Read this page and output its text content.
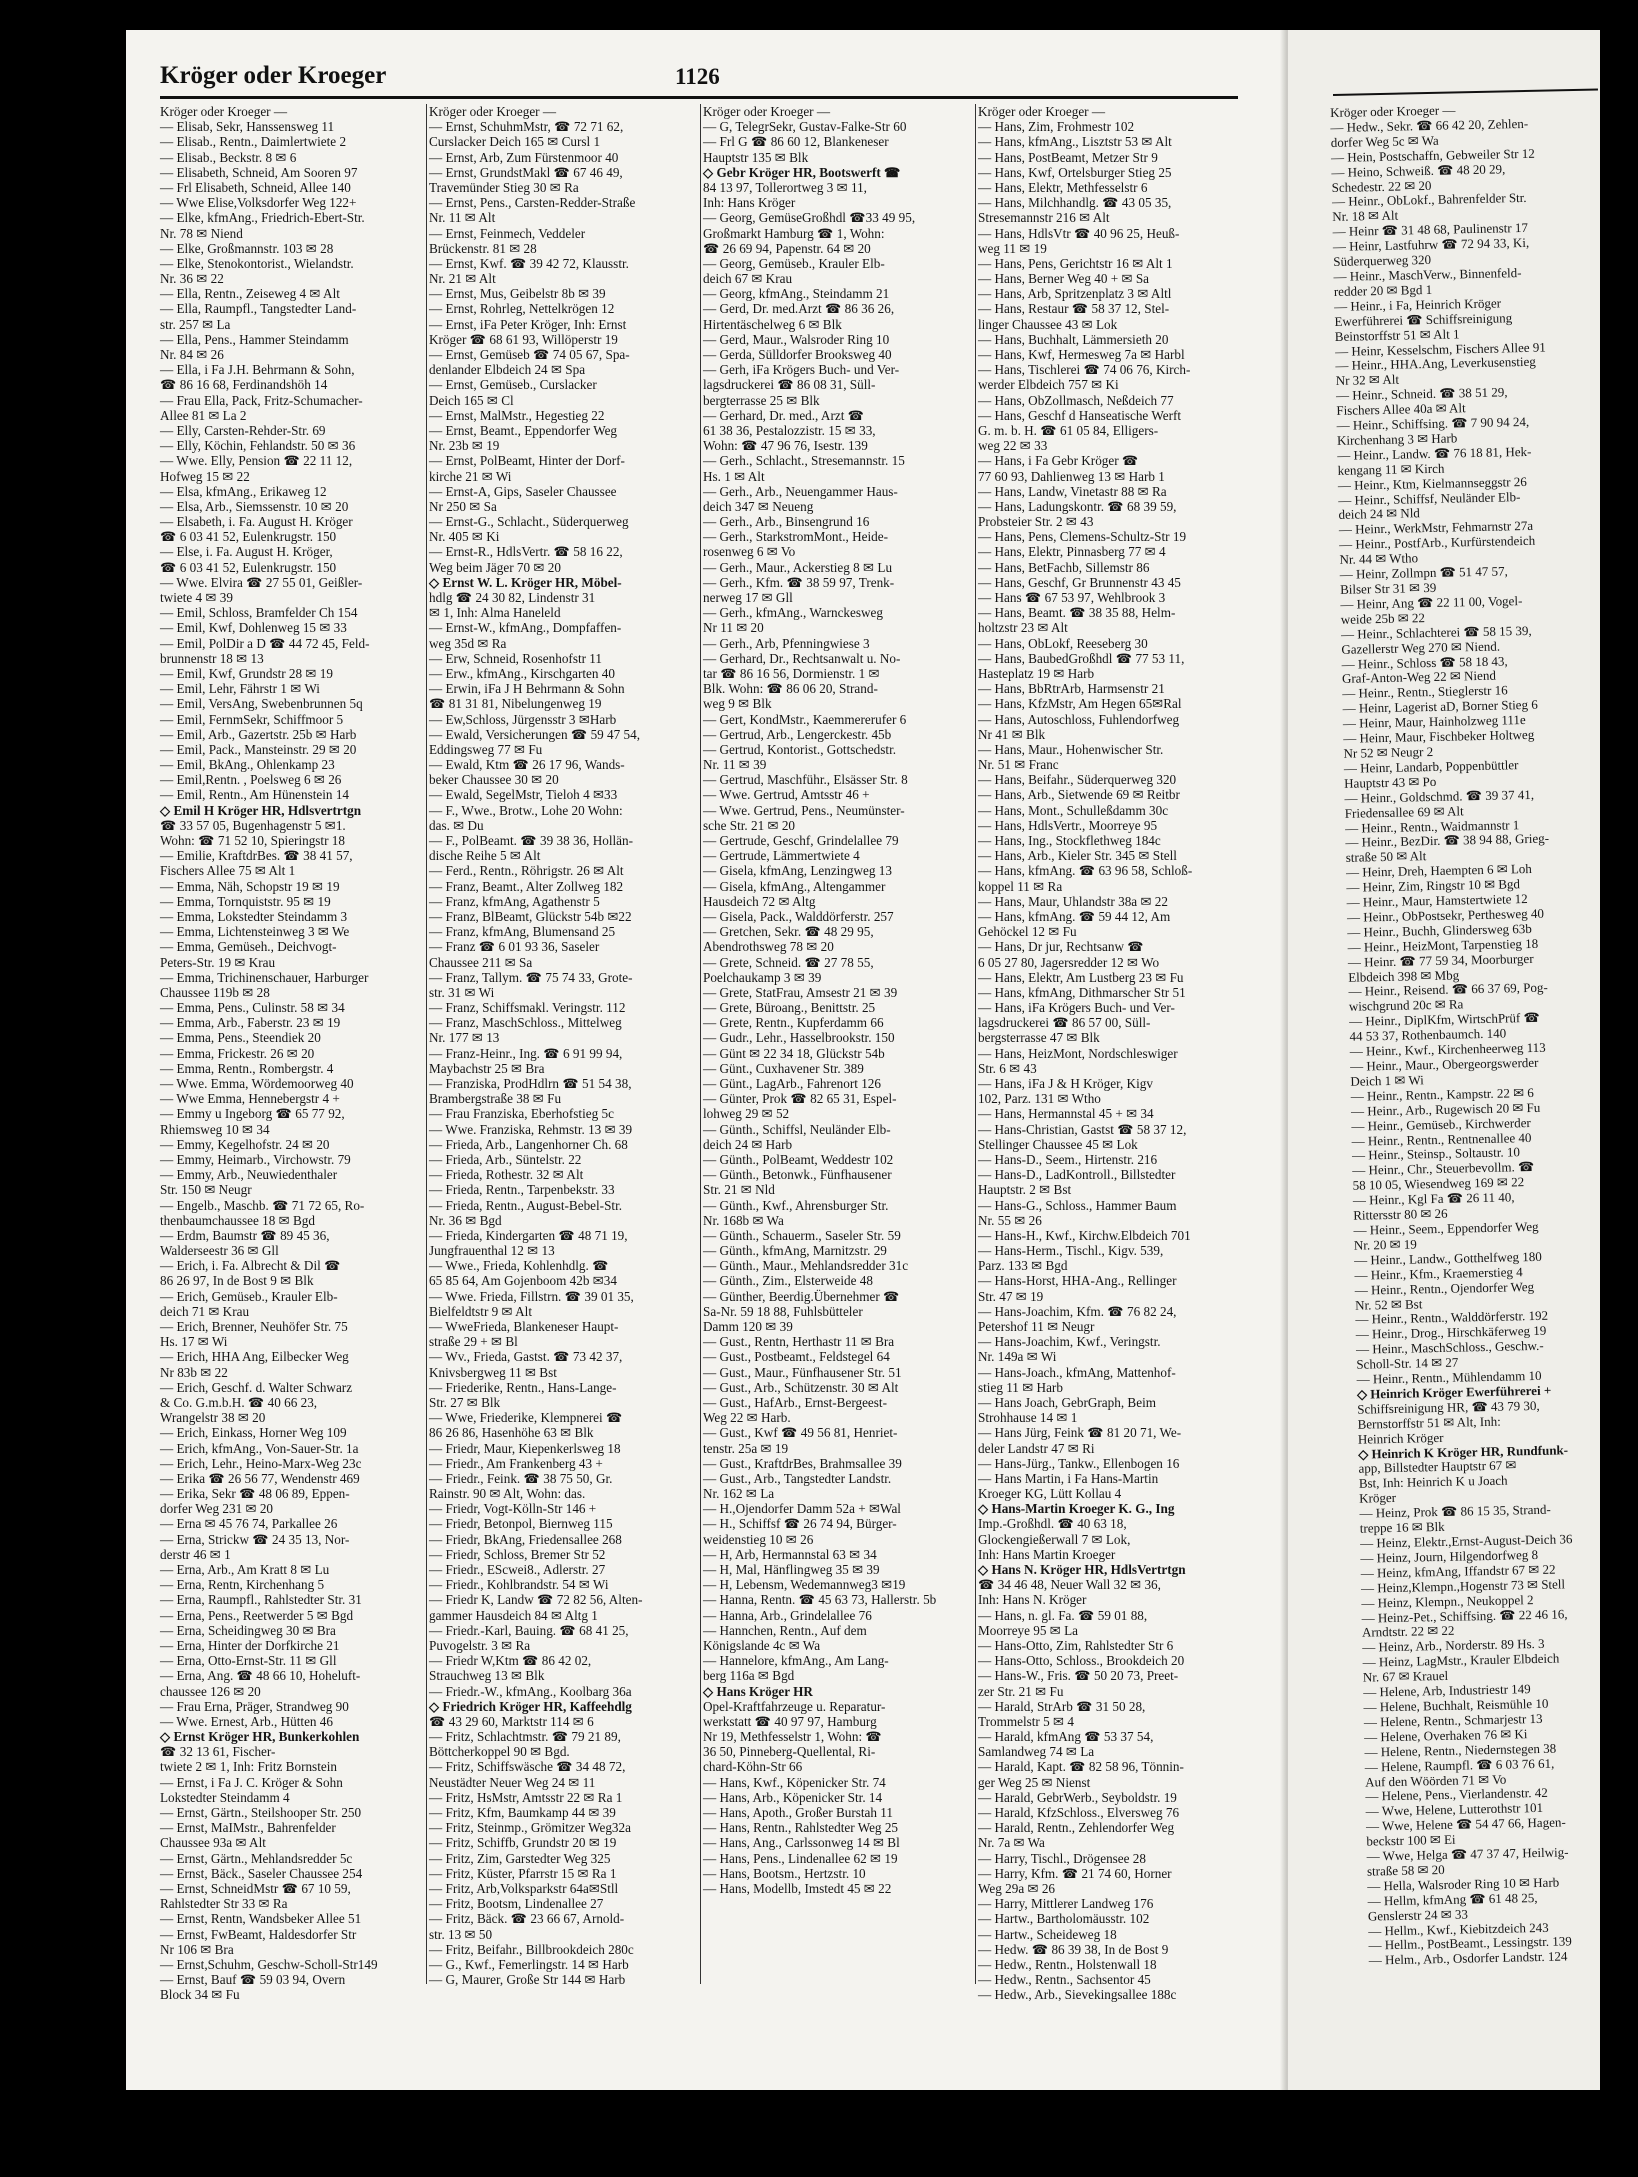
Kröger oder Kroeger	1126
Kröger oder Kroeger —
— Elisab, Sekr, Hanssensweg 11
— Elisab., Rentn., Daimlertwiete 2
— Elisab., Beckstr. 8 ✉ 6
— Elisabeth, Schneid, Am Sooren 97
— Frl Elisabeth, Schneid, Allee 140
— Wwe Elise,Volksdorfer Weg 122+
— Elke, kfmAng., Friedrich-Ebert-Str.
Nr. 78 ✉ Niend
— Elke, Großmannstr. 103 ✉ 28
— Elke, Stenokontorist., Wielandstr.
Nr. 36 ✉ 22
— Ella, Rentn., Zeiseweg 4 ✉ Alt
— Ella, Raumpfl., Tangstedter Land-
str. 257 ✉ La
— Ella, Pens., Hammer Steindamm
Nr. 84 ✉ 26
— Ella, i Fa J.H. Behrmann & Sohn,
☎ 86 16 68, Ferdinandshöh 14
— Frau Ella, Pack, Fritz-Schumacher-
Allee 81 ✉ La 2
— Elly, Carsten-Rehder-Str. 69
— Elly, Köchin, Fehlandstr. 50 ✉ 36
— Wwe. Elly, Pension ☎ 22 11 12,
Hofweg 15 ✉ 22
— Elsa, kfmAng., Erikaweg 12
— Elsa, Arb., Siemssenstr. 10 ✉ 20
— Elsabeth, i. Fa. August H. Kröger
☎ 6 03 41 52, Eulenkrugstr. 150
— Else, i. Fa. August H. Kröger,
☎ 6 03 41 52, Eulenkrugstr. 150
— Wwe. Elvira ☎ 27 55 01, Geißler-
twiete 4 ✉ 39
— Emil, Schloss, Bramfelder Ch 154
— Emil, Kwf, Dohlenweg 15 ✉ 33
— Emil, PolDir a D ☎ 44 72 45, Feld-
brunnenstr 18 ✉ 13
— Emil, Kwf, Grundstr 28 ✉ 19
— Emil, Lehr, Fährstr 1 ✉ Wi
— Emil, VersAng, Swebenbrunnen 5q
— Emil, FernmSekr, Schiffmoor 5
— Emil, Arb., Gazertstr. 25b ✉ Harb
— Emil, Pack., Mansteinstr. 29 ✉ 20
— Emil, BkAng., Ohlenkamp 23
— Emil,Rentn. , Poelsweg 6 ✉ 26
— Emil, Rentn., Am Hünenstein 14
◇ Emil H Kröger HR, Hdlsvertrtgn
☎ 33 57 05, Bugenhagenstr 5 ✉1.
Wohn: ☎ 71 52 10, Spieringstr 18
— Emilie, KraftdrBes. ☎ 38 41 57,
Fischers Allee 75 ✉ Alt 1
— Emma, Näh, Schopstr 19 ✉ 19
— Emma, Tornquiststr. 95 ✉ 19
— Emma, Lokstedter Steindamm 3
— Emma, Lichtensteinweg 3 ✉ We
— Emma, Gemüseh., Deichvogt-
Peters-Str. 19 ✉ Krau
— Emma, Trichinenschauer, Harburger
Chaussee 119b ✉ 28
— Emma, Pens., Culinstr. 58 ✉ 34
— Emma, Arb., Faberstr. 23 ✉ 19
— Emma, Pens., Steendiek 20
— Emma, Frickestr. 26 ✉ 20
— Emma, Rentn., Rombergstr. 4
— Wwe. Emma, Wördemoorweg 40
— Wwe Emma, Hennebergstr 4 +
— Emmy u Ingeborg ☎ 65 77 92,
Rhiemsweg 10 ✉ 34
— Emmy, Kegelhofstr. 24 ✉ 20
— Emmy, Heimarb., Virchowstr. 79
— Emmy, Arb., Neuwiedenthaler
Str. 150 ✉ Neugr
— Engelb., Maschb. ☎ 71 72 65, Ro-
thenbaumchaussee 18 ✉ Bgd
— Erdm, Baumstr ☎ 89 45 36,
Walderseestr 36 ✉ Gll
— Erich, i. Fa. Albrecht & Dil ☎
86 26 97, In de Bost 9 ✉ Blk
— Erich, Gemüseb., Krauler Elb-
deich 71 ✉ Krau
— Erich, Brenner, Neuhöfer Str. 75
Hs. 17 ✉ Wi
— Erich, HHA Ang, Eilbecker Weg
Nr 83b ✉ 22
— Erich, Geschf. d. Walter Schwarz
& Co. G.m.b.H. ☎ 40 66 23,
Wrangelstr 38 ✉ 20
— Erich, Einkass, Horner Weg 109
— Erich, kfmAng., Von-Sauer-Str. 1a
— Erich, Lehr., Heino-Marx-Weg 23c
— Erika ☎ 26 56 77, Wendenstr 469
— Erika, Sekr ☎ 48 06 89, Eppen-
dorfer Weg 231 ✉ 20
— Erna ✉ 45 76 74, Parkallee 26
— Erna, Strickw ☎ 24 35 13, Nor-
derstr 46 ✉ 1
— Erna, Arb., Am Kratt 8 ✉ Lu
— Erna, Rentn, Kirchenhang 5
— Erna, Raumpfl., Rahlstedter Str. 31
— Erna, Pens., Reetwerder 5 ✉ Bgd
— Erna, Scheidingweg 30 ✉ Bra
— Erna, Hinter der Dorfkirche 21
— Erna, Otto-Ernst-Str. 11 ✉ Gll
— Erna, Ang. ☎ 48 66 10, Hoheluft-
chaussee 126 ✉ 20
— Frau Erna, Präger, Strandweg 90
— Wwe. Ernest, Arb., Hütten 46
◇ Ernst Kröger HR, Bunkerkohlen
☎ 32 13 61, Fischer-
twiete 2 ✉ 1, Inh: Fritz Bornstein
— Ernst, i Fa J. C. Kröger & Sohn
Lokstedter Steindamm 4
— Ernst, Gärtn., Steilshooper Str. 250
— Ernst, MaIMstr., Bahrenfelder
Chaussee 93a ✉ Alt
— Ernst, Gärtn., Mehlandsredder 5c
— Ernst, Bäck., Saseler Chaussee 254
— Ernst, SchneidMstr ☎ 67 10 59,
Rahlstedter Str 33 ✉ Ra
— Ernst, Rentn, Wandsbeker Allee 51
— Ernst, FwBeamt, Haldesdorfer Str
Nr 106 ✉ Bra
— Ernst,Schuhm, Geschw-Scholl-Str149
— Ernst, Bauf ☎ 59 03 94, Overn
Block 34 ✉ Fu
Kröger oder Kroeger —
— Ernst, SchuhmMstr, ☎ 72 71 62,
Curslacker Deich 165 ✉ Cursl 1
— Ernst, Arb, Zum Fürstenmoor 40
— Ernst, GrundstMakl ☎ 67 46 49,
Travemünder Stieg 30 ✉ Ra
— Ernst, Pens., Carsten-Redder-Straße
Nr. 11 ✉ Alt
— Ernst, Feinmech, Veddeler
Brückenstr. 81 ✉ 28
— Ernst, Kwf. ☎ 39 42 72, Klausstr.
Nr. 21 ✉ Alt
— Ernst, Mus, Geibelstr 8b ✉ 39
— Ernst, Rohrleg, Nettelkrögen 12
— Ernst, iFa Peter Kröger, Inh: Ernst
Kröger ☎ 68 61 93, Willöperstr 19
— Ernst, Gemüseb ☎ 74 05 67, Spa-
denlander Elbdeich 24 ✉ Spa
— Ernst, Gemüseb., Curslacker
Deich 165 ✉ Cl
— Ernst, MalMstr., Hegestieg 22
— Ernst, Beamt., Eppendorfer Weg
Nr. 23b ✉ 19
— Ernst, PolBeamt, Hinter der Dorf-
kirche 21 ✉ Wi
— Ernst-A, Gips, Saseler Chaussee
Nr 250 ✉ Sa
— Ernst-G., Schlacht., Süderquerweg
Nr. 405 ✉ Ki
— Ernst-R., HdlsVertr. ☎ 58 16 22,
Weg beim Jäger 70 ✉ 20
◇ Ernst W. L. Kröger HR, Möbel-
hdlg ☎ 24 30 82, Lindenstr 31
✉ 1, Inh: Alma Haneleld
— Ernst-W., kfmAng., Dompfaffen-
weg 35d ✉ Ra
— Erw, Schneid, Rosenhofstr 11
— Erw., kfmAng., Kirschgarten 40
— Erwin, iFa J H Behrmann & Sohn
☎ 81 31 81, Nibelungenweg 19
— Ew,Schloss, Jürgensstr 3 ✉Harb
— Ewald, Versicherungen ☎ 59 47 54,
Eddingsweg 77 ✉ Fu
— Ewald, Ktm ☎ 26 17 96, Wands-
beker Chaussee 30 ✉ 20
— Ewald, SegelMstr, Tieloh 4 ✉33
— F., Wwe., Brotw., Lohe 20 Wohn:
das. ✉ Du
— F., PolBeamt. ☎ 39 38 36, Hollän-
dische Reihe 5 ✉ Alt
— Ferd., Rentn., Röhrigstr. 26 ✉ Alt
— Franz, Beamt., Alter Zollweg 182
— Franz, kfmAng, Agathenstr 5
— Franz, BlBeamt, Glückstr 54b ✉22
— Franz, kfmAng, Blumensand 25
— Franz ☎ 6 01 93 36, Saseler
Chaussee 211 ✉ Sa
— Franz, Tallym. ☎ 75 74 33, Grote-
str. 31 ✉ Wi
— Franz, Schiffsmakl. Veringstr. 112
— Franz, MaschSchloss., Mittelweg
Nr. 177 ✉ 13
— Franz-Heinr., Ing. ☎ 6 91 99 94,
Maybachstr 25 ✉ Bra
— Franziska, ProdHdlrn ☎ 51 54 38,
Brambergstraße 38 ✉ Fu
— Frau Franziska, Eberhofstieg 5c
— Wwe. Franziska, Rehmstr. 13 ✉ 39
— Frieda, Arb., Langenhorner Ch. 68
— Frieda, Arb., Süntelstr. 22
— Frieda, Rothestr. 32 ✉ Alt
— Frieda, Rentn., Tarpenbekstr. 33
— Frieda, Rentn., August-Bebel-Str.
Nr. 36 ✉ Bgd
— Frieda, Kindergarten ☎ 48 71 19,
Jungfrauenthal 12 ✉ 13
— Wwe., Frieda, Kohlenhdlg. ☎
65 85 64, Am Gojenboom 42b ✉34
— Wwe. Frieda, Fillstrn. ☎ 39 01 35,
Bielfeldtstr 9 ✉ Alt
— WweFrieda, Blankeneser Haupt-
straße 29 + ✉ Bl
— Wv., Frieda, Gastst. ☎ 73 42 37,
Knivsbergweg 11 ✉ Bst
— Friederike, Rentn., Hans-Lange-
Str. 27 ✉ Blk
— Wwe, Friederike, Klempnerei ☎
86 26 86, Hasenhöhe 63 ✉ Blk
— Friedr, Maur, Kiepenkerlsweg 18
— Friedr., Am Frankenberg 43 +
— Friedr., Feink. ☎ 38 75 50, Gr.
Rainstr. 90 ✉ Alt, Wohn: das.
— Friedr, Vogt-Kölln-Str 146 +
— Friedr, Betonpol, Biernweg 115
— Friedr, BkAng, Friedensallee 268
— Friedr, Schloss, Bremer Str 52
— Friedr., EScwei8., Adlerstr. 27
— Friedr., Kohlbrandstr. 54 ✉ Wi
— Friedr K, Landw ☎ 72 82 56, Alten-
gammer Hausdeich 84 ✉ Altg 1
— Friedr.-Karl, Bauing. ☎ 68 41 25,
Puvogelstr. 3 ✉ Ra
— Friedr W,Ktm ☎ 86 42 02,
Strauchweg 13 ✉ Blk
— Friedr.-W., kfmAng., Koolbarg 36a
◇ Friedrich Kröger HR, Kaffeehdlg
☎ 43 29 60, Marktstr 114 ✉ 6
— Fritz, Schlachtmstr. ☎ 79 21 89,
Böttcherkoppel 90 ✉ Bgd.
— Fritz, Schiffswäsche ☎ 34 48 72,
Neustädter Neuer Weg 24 ✉ 11
— Fritz, HsMstr, Amtsstr 22 ✉ Ra 1
— Fritz, Kfm, Baumkamp 44 ✉ 39
— Fritz, Steinmp., Grömitzer Weg32a
— Fritz, Schiffb, Grundstr 20 ✉ 19
— Fritz, Zim, Garstedter Weg 325
— Fritz, Küster, Pfarrstr 15 ✉ Ra 1
— Fritz, Arb,Volksparkstr 64a✉Stll
— Fritz, Bootsm, Lindenallee 27
— Fritz, Bäck. ☎ 23 66 67, Arnold-
str. 13 ✉ 50
— Fritz, Beifahr., Billbrookdeich 280c
— G., Kwf., Femerlingstr. 14 ✉ Harb
— G, Maurer, Große Str 144 ✉ Harb
Kröger oder Kroeger —
— G, TelegrSekr, Gustav-Falke-Str 60
— Frl G ☎ 86 60 12, Blankeneser
Hauptstr 135 ✉ Blk
◇ Gebr Kröger HR, Bootswerft ☎
84 13 97, Tollerortweg 3 ✉ 11,
Inh: Hans Kröger
— Georg, GemüseGroßhdl ☎33 49 95,
Großmarkt Hamburg ☎ 1, Wohn:
☎ 26 69 94, Papenstr. 64 ✉ 20
— Georg, Gemüseb., Krauler Elb-
deich 67 ✉ Krau
— Georg, kfmAng., Steindamm 21
— Gerd, Dr. med.Arzt ☎ 86 36 26,
Hirtentäschelweg 6 ✉ Blk
— Gerd, Maur., Walsroder Ring 10
— Gerda, Sülldorfer Brooksweg 40
— Gerh, iFa Krögers Buch- und Ver-
lagsdruckerei ☎ 86 08 31, Süll-
bergterrasse 25 ✉ Blk
— Gerhard, Dr. med., Arzt ☎
61 38 36, Pestalozzistr. 15 ✉ 33,
Wohn: ☎ 47 96 76, Isestr. 139
— Gerh., Schlacht., Stresemannstr. 15
Hs. 1 ✉ Alt
— Gerh., Arb., Neuengammer Haus-
deich 347 ✉ Neueng
— Gerh., Arb., Binsengrund 16
— Gerh., StarkstromMont., Heide-
rosenweg 6 ✉ Vo
— Gerh., Maur., Ackerstieg 8 ✉ Lu
— Gerh., Kfm. ☎ 38 59 97, Trenk-
nerweg 17 ✉ Gll
— Gerh., kfmAng., Warnckesweg
Nr 11 ✉ 20
— Gerh., Arb, Pfenningwiese 3
— Gerhard, Dr., Rechtsanwalt u. No-
tar ☎ 86 16 56, Dormienstr. 1 ✉
Blk. Wohn: ☎ 86 06 20, Strand-
weg 9 ✉ Blk
— Gert, KondMstr., Kaemmererufer 6
— Gertrud, Arb., Lengerckestr. 45b
— Gertrud, Kontorist., Gottschedstr.
Nr. 11 ✉ 39
— Gertrud, Maschführ., Elsässer Str. 8
— Wwe. Gertrud, Amtsstr 46 +
— Wwe. Gertrud, Pens., Neumünster-
sche Str. 21 ✉ 20
— Gertrude, Geschf, Grindelallee 79
— Gertrude, Lämmertwiete 4
— Gisela, kfmAng, Lenzingweg 13
— Gisela, kfmAng., Altengammer
Hausdeich 72 ✉ Altg
— Gisela, Pack., Walddörferstr. 257
— Gretchen, Sekr. ☎ 48 29 95,
Abendrothsweg 78 ✉ 20
— Grete, Schneid. ☎ 27 78 55,
Poelchaukamp 3 ✉ 39
— Grete, StatFrau, Amsestr 21 ✉ 39
— Grete, Büroang., Benittstr. 25
— Grete, Rentn., Kupferdamm 66
— Gudr., Lehr., Hasselbrookstr. 150
— Günt ✉ 22 34 18, Glückstr 54b
— Günt., Cuxhavener Str. 389
— Günt., LagArb., Fahrenort 126
— Günter, Prok ☎ 82 65 31, Espel-
lohweg 29 ✉ 52
— Günth., Schiffsl, Neuländer Elb-
deich 24 ✉ Harb
— Günth., PolBeamt, Weddestr 102
— Günth., Betonwk., Fünfhausener
Str. 21 ✉ Nld
— Günth., Kwf., Ahrensburger Str.
Nr. 168b ✉ Wa
— Günth., Schauerm., Saseler Str. 59
— Günth., kfmAng, Marnitzstr. 29
— Günth., Maur., Mehlandsredder 31c
— Günth., Zim., Elsterweide 48
— Günther, Beerdig.Übernehmer ☎
Sa-Nr. 59 18 88, Fuhlsbütteler
Damm 120 ✉ 39
— Gust., Rentn, Herthastr 11 ✉ Bra
— Gust., Postbeamt., Feldstegel 64
— Gust., Maur., Fünfhausener Str. 51
— Gust., Arb., Schützenstr. 30 ✉ Alt
— Gust., HafArb., Ernst-Bergeest-
Weg 22 ✉ Harb.
— Gust., Kwf ☎ 49 56 81, Henriet-
tenstr. 25a ✉ 19
— Gust., KraftdrBes, Brahmsallee 39
— Gust., Arb., Tangstedter Landstr.
Nr. 162 ✉ La
— H.,Ojendorfer Damm 52a + ✉Wal
— H., Schiffsf ☎ 26 74 94, Bürger-
weidenstieg 10 ✉ 26
— H, Arb, Hermannstal 63 ✉ 34
— H, Mal, Hänflingweg 35 ✉ 39
— H, Lebensm, Wedemannweg3 ✉19
— Hanna, Rentn. ☎ 45 63 73, Hallerstr. 5b
— Hanna, Arb., Grindelallee 76
— Hannchen, Rentn., Auf dem
Königslande 4c ✉ Wa
— Hannelore, kfmAng., Am Lang-
berg 116a ✉ Bgd
◇ Hans Kröger HR
Opel-Kraftfahrzeuge u. Reparatur-
werkstatt ☎ 40 97 97, Hamburg
Nr 19, Methfesselstr 1, Wohn: ☎
36 50, Pinneberg-Quellental, Ri-
chard-Köhn-Str 66
— Hans, Kwf., Köpenicker Str. 74
— Hans, Arb., Köpenicker Str. 14
— Hans, Apoth., Großer Burstah 11
— Hans, Rentn., Rahlstedter Weg 25
— Hans, Ang., Carlssonweg 14 ✉ Bl
— Hans, Pens., Lindenallee 62 ✉ 19
— Hans, Bootsm., Hertzstr. 10
— Hans, Modellb, Imstedt 45 ✉ 22
Kröger oder Kroeger —
— Hans, Zim, Frohmestr 102
— Hans, kfmAng., Lisztstr 53 ✉ Alt
— Hans, PostBeamt, Metzer Str 9
— Hans, Kwf, Ortelsburger Stieg 25
— Hans, Elektr, Methfesselstr 6
— Hans, Milchhandlg. ☎ 43 05 35,
Stresemannstr 216 ✉ Alt
— Hans, HdlsVtr ☎ 40 96 25, Heuß-
weg 11 ✉ 19
— Hans, Pens, Gerichtstr 16 ✉ Alt 1
— Hans, Berner Weg 40 + ✉ Sa
— Hans, Arb, Spritzenplatz 3 ✉ Altl
— Hans, Restaur ☎ 58 37 12, Stel-
linger Chaussee 43 ✉ Lok
— Hans, Buchhalt, Lämmersieth 20
— Hans, Kwf, Hermesweg 7a ✉ Harbl
— Hans, Tischlerei ☎ 74 06 76, Kirch-
werder Elbdeich 757 ✉ Ki
— Hans, ObZollmasch, Neßdeich 77
— Hans, Geschf d Hanseatische Werft
G. m. b. H. ☎ 61 05 84, Elligers-
weg 22 ✉ 33
— Hans, i Fa Gebr Kröger ☎
77 60 93, Dahlienweg 13 ✉ Harb 1
— Hans, Landw, Vinetastr 88 ✉ Ra
— Hans, Ladungskontr. ☎ 68 39 59,
Probsteier Str. 2 ✉ 43
— Hans, Pens, Clemens-Schultz-Str 19
— Hans, Elektr, Pinnasberg 77 ✉ 4
— Hans, BetFachb, Sillemstr 86
— Hans, Geschf, Gr Brunnenstr 43 45
— Hans ☎ 67 53 97, Wehlbrook 3
— Hans, Beamt. ☎ 38 35 88, Helm-
holtzstr 23 ✉ Alt
— Hans, ObLokf, Reeseberg 30
— Hans, BaubedGroßhdl ☎ 77 53 11,
Hasteplatz 19 ✉ Harb
— Hans, BbRtrArb, Harmsenstr 21
— Hans, KfzMstr, Am Hegen 65✉Ral
— Hans, Autoschloss, Fuhlendorfweg
Nr 41 ✉ Blk
— Hans, Maur., Hohenwischer Str.
Nr. 51 ✉ Franc
— Hans, Beifahr., Süderquerweg 320
— Hans, Arb., Sietwende 69 ✉ Reitbr
— Hans, Mont., Schulleßdamm 30c
— Hans, HdlsVertr., Moorreye 95
— Hans, Ing., Stockflethweg 184c
— Hans, Arb., Kieler Str. 345 ✉ Stell
— Hans, kfmAng. ☎ 63 96 58, Schloß-
koppel 11 ✉ Ra
— Hans, Maur, Uhlandstr 38a ✉ 22
— Hans, kfmAng. ☎ 59 44 12, Am
Gehöckel 12 ✉ Fu
— Hans, Dr jur, Rechtsanw ☎
6 05 27 80, Jagersredder 12 ✉ Wo
— Hans, Elektr, Am Lustberg 23 ✉ Fu
— Hans, kfmAng, Dithmarscher Str 51
— Hans, iFa Krögers Buch- und Ver-
lagsdruckerei ☎ 86 57 00, Süll-
bergsterrasse 47 ✉ Blk
— Hans, HeizMont, Nordschleswiger
Str. 6 ✉ 43
— Hans, iFa J & H Kröger, Kigv
102, Parz. 131 ✉ Wtho
— Hans, Hermannstal 45 + ✉ 34
— Hans-Christian, Gastst ☎ 58 37 12,
Stellinger Chaussee 45 ✉ Lok
— Hans-D., Seem., Hirtenstr. 216
— Hans-D., LadKontroll., Billstedter
Hauptstr. 2 ✉ Bst
— Hans-G., Schloss., Hammer Baum
Nr. 55 ✉ 26
— Hans-H., Kwf., Kirchw.Elbdeich 701
— Hans-Herm., Tischl., Kigv. 539,
Parz. 133 ✉ Bgd
— Hans-Horst, HHA-Ang., Rellinger
Str. 47 ✉ 19
— Hans-Joachim, Kfm. ☎ 76 82 24,
Petershof 11 ✉ Neugr
— Hans-Joachim, Kwf., Veringstr.
Nr. 149a ✉ Wi
— Hans-Joach., kfmAng, Mattenhof-
stieg 11 ✉ Harb
— Hans Joach, GebrGraph, Beim
Strohhause 14 ✉ 1
— Hans Jürg, Feink ☎ 81 20 71, We-
deler Landstr 47 ✉ Ri
— Hans-Jürg., Tankw., Ellenbogen 16
— Hans Martin, i Fa Hans-Martin
Kroeger KG, Lütt Kollau 4
◇ Hans-Martin Kroeger K. G., Ing
Imp.-Großhdl. ☎ 40 63 18,
Glockengießerwall 7 ✉ Lok,
Inh: Hans Martin Kroeger
◇ Hans N. Kröger HR, HdlsVertrtgn
☎ 34 46 48, Neuer Wall 32 ✉ 36,
Inh: Hans N. Kröger
— Hans, n. gl. Fa. ☎ 59 01 88,
Moorreye 95 ✉ La
— Hans-Otto, Zim, Rahlstedter Str 6
— Hans-Otto, Schloss., Brookdeich 20
— Hans-W., Fris. ☎ 50 20 73, Preet-
zer Str. 21 ✉ Fu
— Harald, StrArb ☎ 31 50 28,
Trommelstr 5 ✉ 4
— Harald, kfmAng ☎ 53 37 54,
Samlandweg 74 ✉ La
— Harald, Kapt. ☎ 82 58 96, Tönnin-
ger Weg 25 ✉ Nienst
— Harald, GebrWerb., Seyboldstr. 19
— Harald, KfzSchloss., Elversweg 76
— Harald, Rentn., Zehlendorfer Weg
Nr. 7a ✉ Wa
— Harry, Tischl., Drögensee 28
— Harry, Kfm. ☎ 21 74 60, Horner
Weg 29a ✉ 26
— Harry, Mittlerer Landweg 176
— Hartw., Bartholomäusstr. 102
— Hartw., Scheideweg 18
— Hedw. ☎ 86 39 38, In de Bost 9
— Hedw., Rentn., Holstenwall 18
— Hedw., Rentn., Sachsentor 45
— Hedw., Arb., Sievekingsallee 188c
Kröger oder Kroeger —
— Hedw., Sekr. ☎ 66 42 20, Zehlen-
dorfer Weg 5c ✉ Wa
— Hein, Postschaffn, Gebweiler Str 12
— Heino, Schweiß. ☎ 48 20 29,
Schedestr. 22 ✉ 20
— Heinr., ObLokf., Bahrenfelder Str.
Nr. 18 ✉ Alt
— Heinr ☎ 31 48 68, Paulinenstr 17
— Heinr, Lastfuhrw ☎ 72 94 33, Ki,
Süderquerweg 320
— Heinr., MaschVerw., Binnenfeld-
redder 20 ✉ Bgd 1
— Heinr., i Fa, Heinrich Kröger
Ewerführerei ☎ Schiffsreinigung
Beinstorffstr 51 ✉ Alt 1
— Heinr, Kesselschm, Fischers Allee 91
— Heinr., HHA.Ang, Leverkusenstieg
Nr 32 ✉ Alt
— Heinr., Schneid. ☎ 38 51 29,
Fischers Allee 40a ✉ Alt
— Heinr., Schiffsing. ☎ 7 90 94 24,
Kirchenhang 3 ✉ Harb
— Heinr., Landw. ☎ 76 18 81, Hek-
kengang 11 ✉ Kirch
— Heinr., Ktm, Kielmannseggstr 26
— Heinr., Schiffsf, Neuländer Elb-
deich 24 ✉ Nld
— Heinr., WerkMstr, Fehmarnstr 27a
— Heinr., PostfArb., Kurfürstendeich
Nr. 44 ✉ Wtho
— Heinr, Zollmpn ☎ 51 47 57,
Bilser Str 31 ✉ 39
— Heinr, Ang ☎ 22 11 00, Vogel-
weide 25b ✉ 22
— Heinr., Schlachterei ☎ 58 15 39,
Gazellerstr Weg 270 ✉ Niend.
— Heinr., Schloss ☎ 58 18 43,
Graf-Anton-Weg 22 ✉ Niend
— Heinr., Rentn., Stieglerstr 16
— Heinr, Lagerist aD, Borner Stieg 6
— Heinr, Maur, Hainholzweg 111e
— Heinr, Maur, Fischbeker Holtweg
Nr 52 ✉ Neugr 2
— Heinr, Landarb, Poppenbüttler
Hauptstr 43 ✉ Po
— Heinr., Goldschmd. ☎ 39 37 41,
Friedensallee 69 ✉ Alt
— Heinr., Rentn., Waidmannstr 1
— Heinr., BezDir. ☎ 38 94 88, Grieg-
straße 50 ✉ Alt
— Heinr, Dreh, Haempten 6 ✉ Loh
— Heinr, Zim, Ringstr 10 ✉ Bgd
— Heinr., Maur, Hamstertwiete 12
— Heinr., ObPostsekr, Perthesweg 40
— Heinr., Buchh, Glindersweg 63b
— Heinr., HeizMont, Tarpenstieg 18
— Heinr. ☎ 77 59 34, Moorburger
Elbdeich 398 ✉ Mbg
— Heinr., Reisend. ☎ 66 37 69, Pog-
wischgrund 20c ✉ Ra
— Heinr., DiplKfm, WirtschPrüf ☎
44 53 37, Rothenbaumch. 140
— Heinr., Kwf., Kirchenheerweg 113
— Heinr., Maur., Obergeorgswerder
Deich 1 ✉ Wi
— Heinr., Rentn., Kampstr. 22 ✉ 6
— Heinr., Arb., Rugewisch 20 ✉ Fu
— Heinr., Gemüseb., Kirchwerder
— Heinr., Rentn., Rentnenallee 40
— Heinr., Steinsp., Soltaustr. 10
— Heinr., Chr., Steuerbevollm. ☎
58 10 05, Wiesendweg 169 ✉ 22
— Heinr., Kgl Fa ☎ 26 11 40,
Rittersstr 80 ✉ 26
— Heinr., Seem., Eppendorfer Weg
Nr. 20 ✉ 19
— Heinr., Landw., Gotthelfweg 180
— Heinr., Kfm., Kraemerstieg 4
— Heinr., Rentn., Ojendorfer Weg
Nr. 52 ✉ Bst
— Heinr., Rentn., Walddörferstr. 192
— Heinr., Drog., Hirschkäferweg 19
— Heinr., MaschSchloss., Geschw.-
Scholl-Str. 14 ✉ 27
— Heinr., Rentn., Mühlendamm 10
◇ Heinrich Kröger Ewerführerei +
Schiffsreinigung HR, ☎ 43 79 30,
Bernstorffstr 51 ✉ Alt, Inh:
Heinrich Kröger
◇ Heinrich K Kröger HR, Rundfunk-
app, Billstedter Hauptstr 67 ✉
Bst, Inh: Heinrich K u Joach
Kröger
— Heinz, Prok ☎ 86 15 35, Strand-
treppe 16 ✉ Blk
— Heinz, Elektr.,Ernst-August-Deich 36
— Heinz, Journ, Hilgendorfweg 8
— Heinz, kfmAng, Iffandstr 67 ✉ 22
— Heinz,Klempn.,Hogenstr 73 ✉ Stell
— Heinz, Klempn., Neukoppel 2
— Heinz-Pet., Schiffsing. ☎ 22 46 16,
Arndtstr. 22 ✉ 22
— Heinz, Arb., Norderstr. 89 Hs. 3
— Heinz, LagMstr., Krauler Elbdeich
Nr. 67 ✉ Krauel
— Helene, Arb, Industriestr 149
— Helene, Buchhalt, Reismühle 10
— Helene, Rentn., Schmarjestr 13
— Helene, Overhaken 76 ✉ Ki
— Helene, Rentn., Niedernstegen 38
— Helene, Raumpfl. ☎ 6 03 76 61,
Auf den Wöörden 71 ✉ Vo
— Helene, Pens., Vierlandenstr. 42
— Wwe, Helene, Lutterothstr 101
— Wwe, Helene ☎ 54 47 66, Hagen-
beckstr 100 ✉ Ei
— Wwe, Helga ☎ 47 37 47, Heilwig-
straße 58 ✉ 20
— Hella, Walsroder Ring 10 ✉ Harb
— Hellm, kfmAng ☎ 61 48 25,
Genslerstr 24 ✉ 33
— Hellm., Kwf., Kiebitzdeich 243
— Hellm., PostBeamt., Lessingstr. 139
— Helm., Arb., Osdorfer Landstr. 124
